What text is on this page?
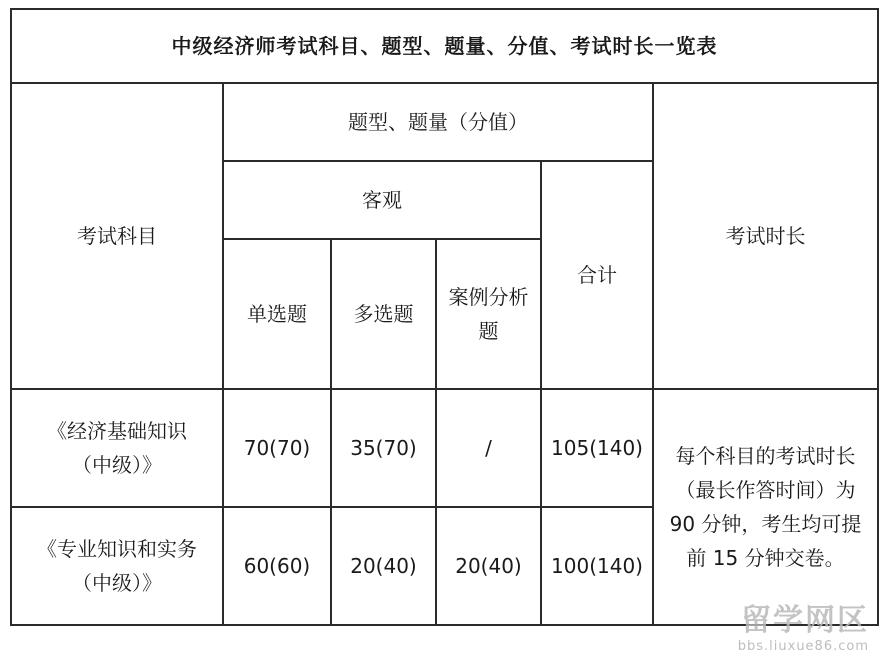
中级经济师考试科目、题型、题量、分值、考试时长一览表					
考试科目	题型、题量（分值）				考试时长
	客观			合计	
	单选题	多选题	案例分析题		

《经济基础知识
（中级）》	70(70)	35(70)	/	105(140)	每个科目的考试时长（最长作答时间）为 90 分钟，考生均可提前 15 分钟交卷。

《专业知识和实务
（中级）》	60(60)	20(40)	20(40)	100(140)	
留学网区
bbs.liuxue86.com
